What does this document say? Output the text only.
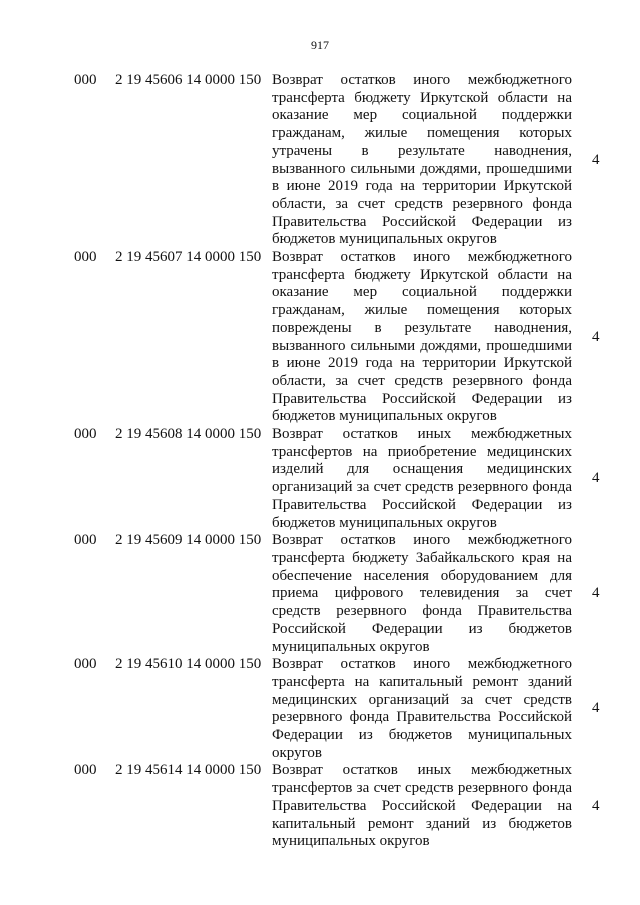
917
000 2 19 45606 14 0000 150 Возврат остатков иного межбюджетного трансферта бюджету Иркутской области на оказание мер социальной поддержки гражданам, жилые помещения которых утрачены в результате наводнения, вызванного сильными дождями, прошедшими в июне 2019 года на территории Иркутской области, за счет средств резервного фонда Правительства Российской Федерации из бюджетов муниципальных округов
4
000 2 19 45607 14 0000 150 Возврат остатков иного межбюджетного трансферта бюджету Иркутской области на оказание мер социальной поддержки гражданам, жилые помещения которых повреждены в результате наводнения, вызванного сильными дождями, прошедшими в июне 2019 года на территории Иркутской области, за счет средств резервного фонда Правительства Российской Федерации из бюджетов муниципальных округов
4
000 2 19 45608 14 0000 150 Возврат остатков иных межбюджетных трансфертов на приобретение медицинских изделий для оснащения медицинских организаций за счет средств резервного фонда Правительства Российской Федерации из бюджетов муниципальных округов
4
000 2 19 45609 14 0000 150 Возврат остатков иного межбюджетного трансферта бюджету Забайкальского края на обеспечение населения оборудованием для приема цифрового телевидения за счет средств резервного фонда Правительства Российской Федерации из бюджетов муниципальных округов
4
000 2 19 45610 14 0000 150 Возврат остатков иного межбюджетного трансферта на капитальный ремонт зданий медицинских организаций за счет средств резервного фонда Правительства Российской Федерации из бюджетов муниципальных округов
4
000 2 19 45614 14 0000 150 Возврат остатков иных межбюджетных трансфертов за счет средств резервного фонда Правительства Российской Федерации на капитальный ремонт зданий из бюджетов муниципальных округов
4
